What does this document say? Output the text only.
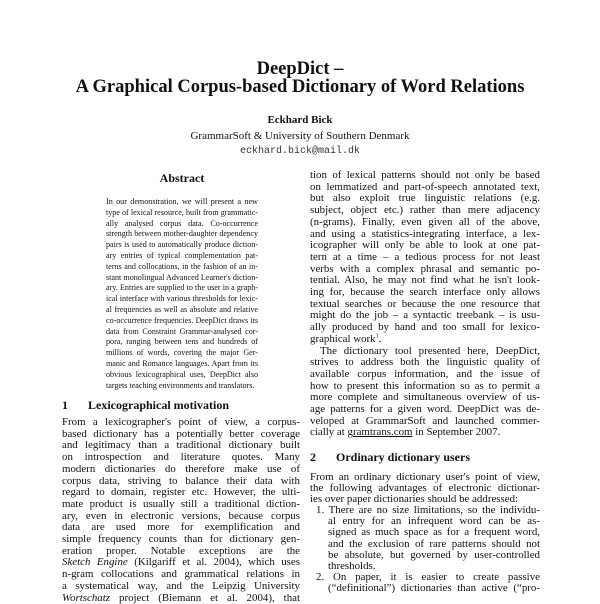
DeepDict –
A Graphical Corpus-based Dictionary of Word Relations
Eckhard Bick
GrammarSoft & University of Southern Denmark
eckhard.bick@mail.dk
Abstract
In our demonstration, we will present a new
type of lexical resource, built from grammatic-
ally analysed corpus data. Co-occurrence
strength between mother-daughter dependency
pairs is used to automatically produce diction-
ary entries of typical complementation pat-
terns and collocations, in the fashion of an in-
stant monolingual Advanced Learner's diction-
ary. Entries are supplied to the user in a graph-
ical interface with various thresholds for lexic-
al frequencies as well as absolute and relative
co-occurrence frequencies. DeepDict draws its
data from Constraint Grammar-analysed cor-
pora, ranging between tens and hundreds of
millions of words, covering the major Ger-
manic and Romance languages. Apart from its
obvious lexicographical uses, DeepDict also
targets teaching environments and translators.
1 Lexicographical motivation
From a lexicographer's point of view, a corpus-
based dictionary has a potentially better coverage
and legitimacy than a traditional dictionary built
on introspection and literature quotes. Many
modern dictionaries do therefore make use of
corpus data, striving to balance their data with
regard to domain, register etc. However, the ulti-
mate product is usually still a traditional diction-
ary, even in electronic versions, because corpus
data are used more for exemplification and
simple frequency counts than for dictionary gen-
eration proper. Notable exceptions are the
Sketch Engine (Kilgariff et al. 2004), which uses
n-gram collocations and grammatical relations in
a systematical way, and the Leipzig University
Wortschatz project (Biemann et al. 2004), that
tion of lexical patterns should not only be based
on lemmatized and part-of-speech annotated text,
but also exploit true linguistic relations (e.g.
subject, object etc.) rather than mere adjacency
(n-grams). Finally, even given all of the above,
and using a statistics-integrating interface, a lex-
icographer will only be able to look at one pat-
tern at a time – a tedious process for not least
verbs with a complex phrasal and semantic po-
tential. Also, he may not find what he isn't look-
ing for, because the search interface only allows
textual searches or because the one resource that
might do the job – a syntactic treebank – is usu-
ally produced by hand and too small for lexico-
graphical work$^1$.
The dictionary tool presented here, DeepDict,
strives to address both the linguistic quality of
available corpus information, and the issue of
how to present this information so as to permit a
more complete and simultaneous overview of us-
age patterns for a given word. DeepDict was de-
veloped at GrammarSoft and launched commer-
cially at gramtrans.com in September 2007.
2 Ordinary dictionary users
From an ordinary dictionary user's point of view,
the following advantages of electronic dictionar-
ies over paper dictionaries should be addressed:
1. There are no size limitations, so the individu-
al entry for an infrequent word can be as-
signed as much space as for a frequent word,
and the exclusion of rare patterns should not
be absolute, but governed by user-controlled
thresholds.
2. On paper, it is easier to create passive
(“definitional”) dictionaries than active (“pro-
